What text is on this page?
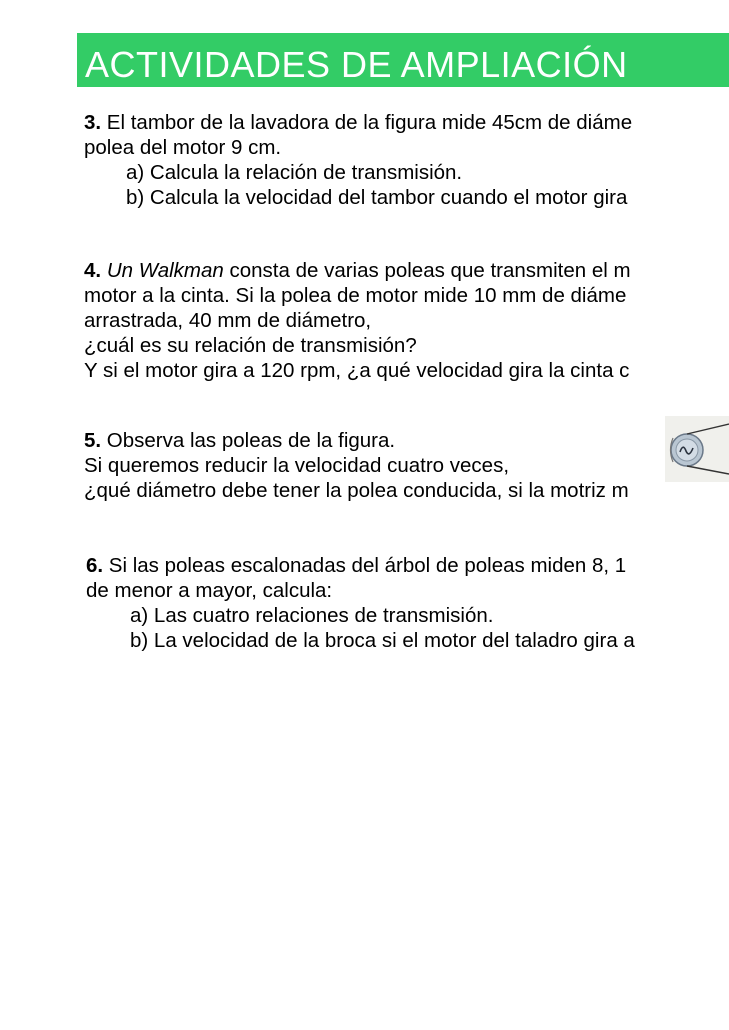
ACTIVIDADES DE AMPLIACIÓN
3. El tambor de la lavadora de la figura mide 45cm de diáme
polea del motor 9 cm.
a) Calcula la relación de transmisión.
b) Calcula la velocidad del tambor cuando el motor gira
4. Un Walkman consta de varias poleas que transmiten el m
motor a la cinta. Si la polea de motor mide 10 mm de diáme
arrastrada, 40 mm de diámetro,
¿cuál es su relación de transmisión?
Y si el motor gira a 120 rpm, ¿a qué velocidad gira la cinta c
5. Observa las poleas de la figura.
Si queremos reducir la velocidad cuatro veces,
¿qué diámetro debe tener la polea conducida, si la motriz m
6. Si las poleas escalonadas del árbol de poleas miden 8, 1
de menor a mayor, calcula:
a) Las cuatro relaciones de transmisión.
b) La velocidad de la broca si el motor del taladro gira a
